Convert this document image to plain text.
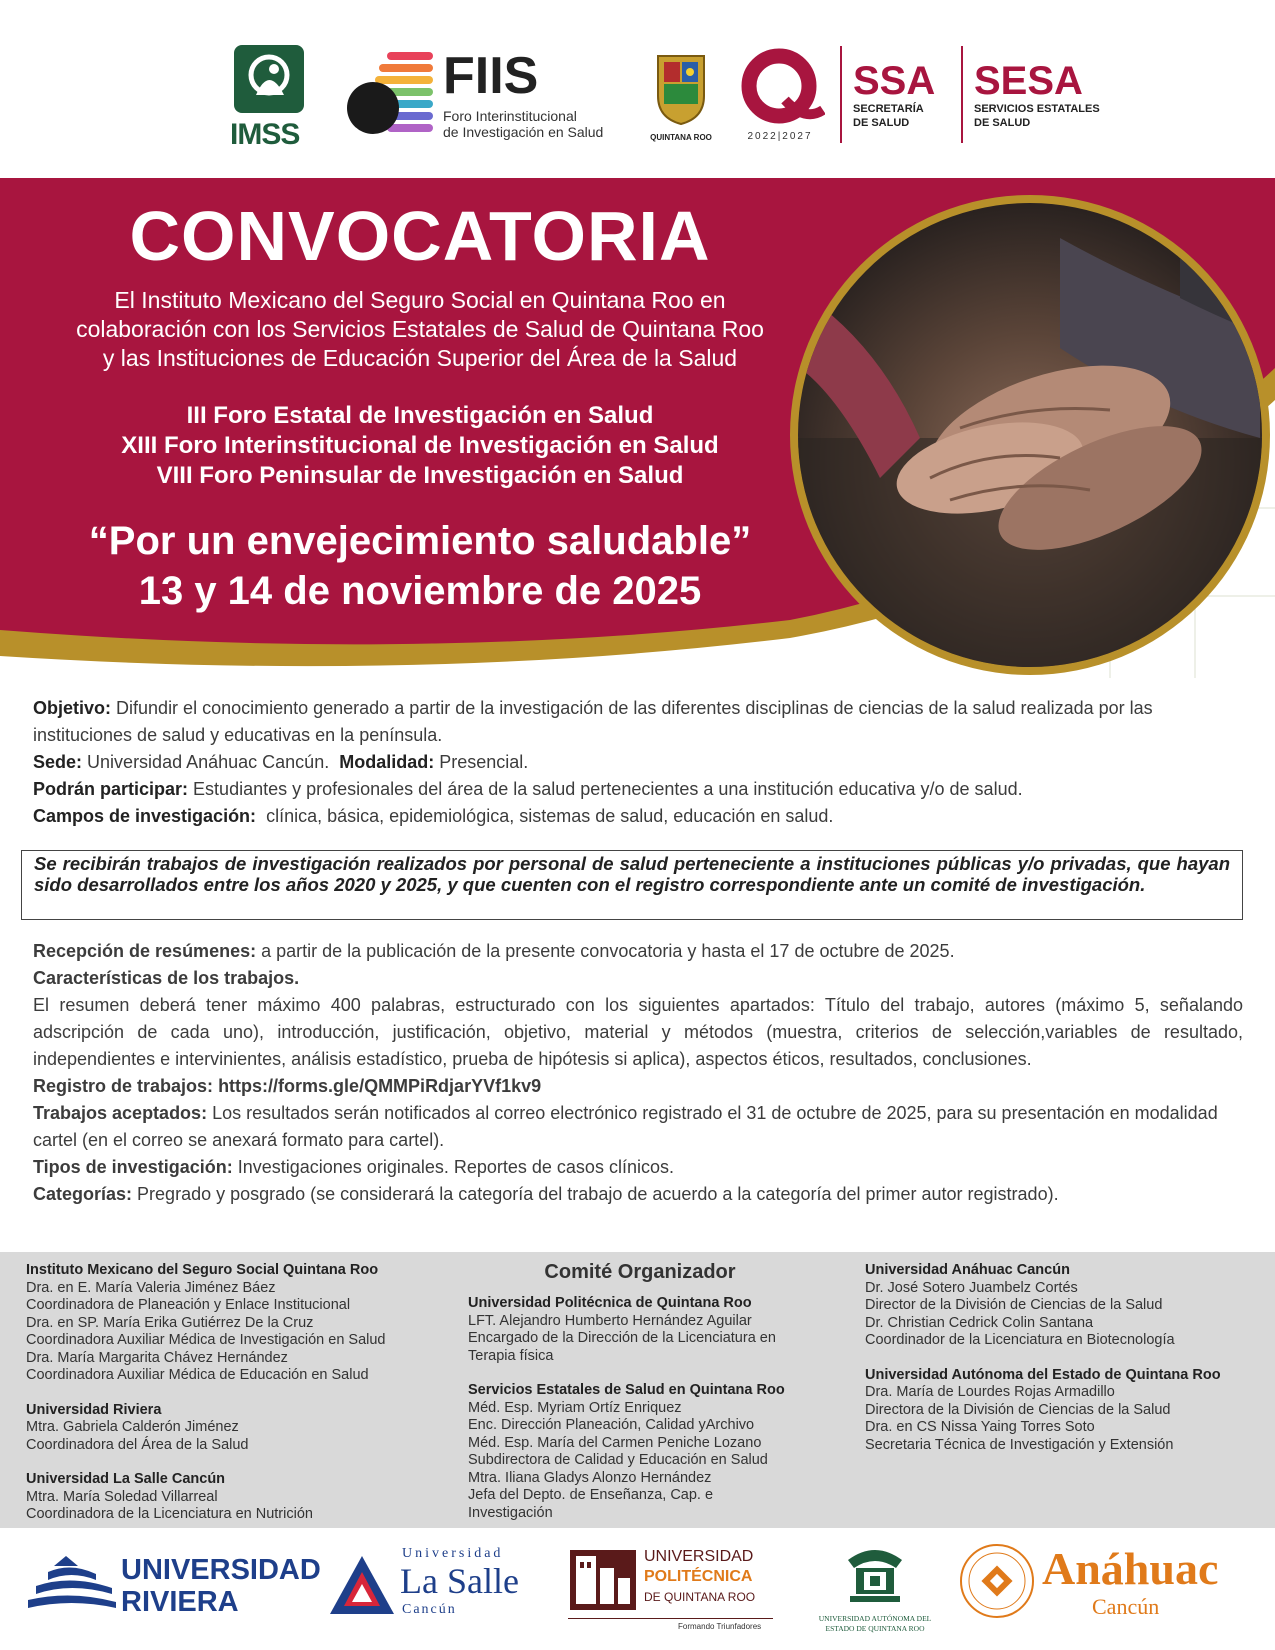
IMSS
FIIS
Foro Interinstitucional
de Investigación en Salud	QUINTANA ROO	2022|2027
SSA
SECRETARÍA
DE SALUD
SESA
SERVICIOS ESTATALES
DE SALUD
CONVOCATORIA
El Instituto Mexicano del Seguro Social en Quintana Roo en
colaboración con los Servicios Estatales de Salud de Quintana Roo
y las Instituciones de Educación Superior del Área de la Salud
III Foro Estatal de Investigación en Salud
XIII Foro Interinstitucional de Investigación en Salud
VIII Foro Peninsular de Investigación en Salud
“Por un envejecimiento saludable”
13 y 14 de noviembre de 2025

Objetivo: Difundir el conocimiento generado a partir de la investigación de las diferentes disciplinas de ciencias de la salud realizada por las instituciones de salud y educativas en la península.

Sede: Universidad Anáhuac Cancún. Modalidad: Presencial.

Podrán participar: Estudiantes y profesionales del área de la salud pertenecientes a una institución educativa y/o de salud.

Campos de investigación: clínica, básica, epidemiológica, sistemas de salud, educación en salud.

Se recibirán trabajos de investigación realizados por personal de salud perteneciente a instituciones públicas y/o privadas, que hayan sido desarrollados entre los años 2020 y 2025, y que cuenten con el registro correspondiente ante un comité de investigación.

Recepción de resúmenes: a partir de la publicación de la presente convocatoria y hasta el 17 de octubre de 2025.

Características de los trabajos.

El resumen deberá tener máximo 400 palabras, estructurado con los siguientes apartados: Título del trabajo, autores (máximo 5, señalando adscripción de cada uno), introducción, justificación, objetivo, material y métodos (muestra, criterios de selección,variables de resultado, independientes e intervinientes, análisis estadístico, prueba de hipótesis si aplica), aspectos éticos, resultados, conclusiones.

Registro de trabajos: https://forms.gle/QMMPiRdjarYVf1kv9

Trabajos aceptados: Los resultados serán notificados al correo electrónico registrado el 31 de octubre de 2025, para su presentación en modalidad cartel (en el correo se anexará formato para cartel).

Tipos de investigación: Investigaciones originales. Reportes de casos clínicos.

Categorías: Pregrado y posgrado (se considerará la categoría del trabajo de acuerdo a la categoría del primer autor registrado).

Comité Organizador
Instituto Mexicano del Seguro Social Quintana Roo
Dra. en E. María Valeria Jiménez Báez
Coordinadora de Planeación y Enlace Institucional
Dra. en SP. María Erika Gutiérrez De la Cruz
Coordinadora Auxiliar Médica de Investigación en Salud
Dra. María Margarita Chávez Hernández
Coordinadora Auxiliar Médica de Educación en Salud
Universidad Riviera
Mtra. Gabriela Calderón Jiménez
Coordinadora del Área de la Salud
Universidad La Salle Cancún
Mtra. María Soledad Villarreal
Coordinadora de la Licenciatura en Nutrición
Universidad Politécnica de Quintana Roo
LFT. Alejandro Humberto Hernández Aguilar
Encargado de la Dirección de la Licenciatura en
Terapia física
Servicios Estatales de Salud en Quintana Roo
Méd. Esp. Myriam Ortíz Enriquez
Enc. Dirección Planeación, Calidad yArchivo
Méd. Esp. María del Carmen Peniche Lozano
Subdirectora de Calidad y Educación en Salud
Mtra. Iliana Gladys Alonzo Hernández
Jefa del Depto. de Enseñanza, Cap. e
Investigación
Universidad Anáhuac Cancún
Dr. José Sotero Juambelz Cortés
Director de la División de Ciencias de la Salud
Dr. Christian Cedrick Colin Santana
Coordinador de la Licenciatura en Biotecnología
Universidad Autónoma del Estado de Quintana Roo
Dra. María de Lourdes Rojas Armadillo
Directora de la División de Ciencias de la Salud
Dra. en CS Nissa Yaing Torres Soto
Secretaria Técnica de Investigación y Extensión
UNIVERSIDAD
RIVIERA
Universidad
La Salle
Cancún
UNIVERSIDAD
POLITÉCNICA
DE QUINTANA ROO
Formando Triunfadores
UNIVERSIDAD AUTÓNOMA DEL
ESTADO DE QUINTANA ROO
Anáhuac
Cancún
